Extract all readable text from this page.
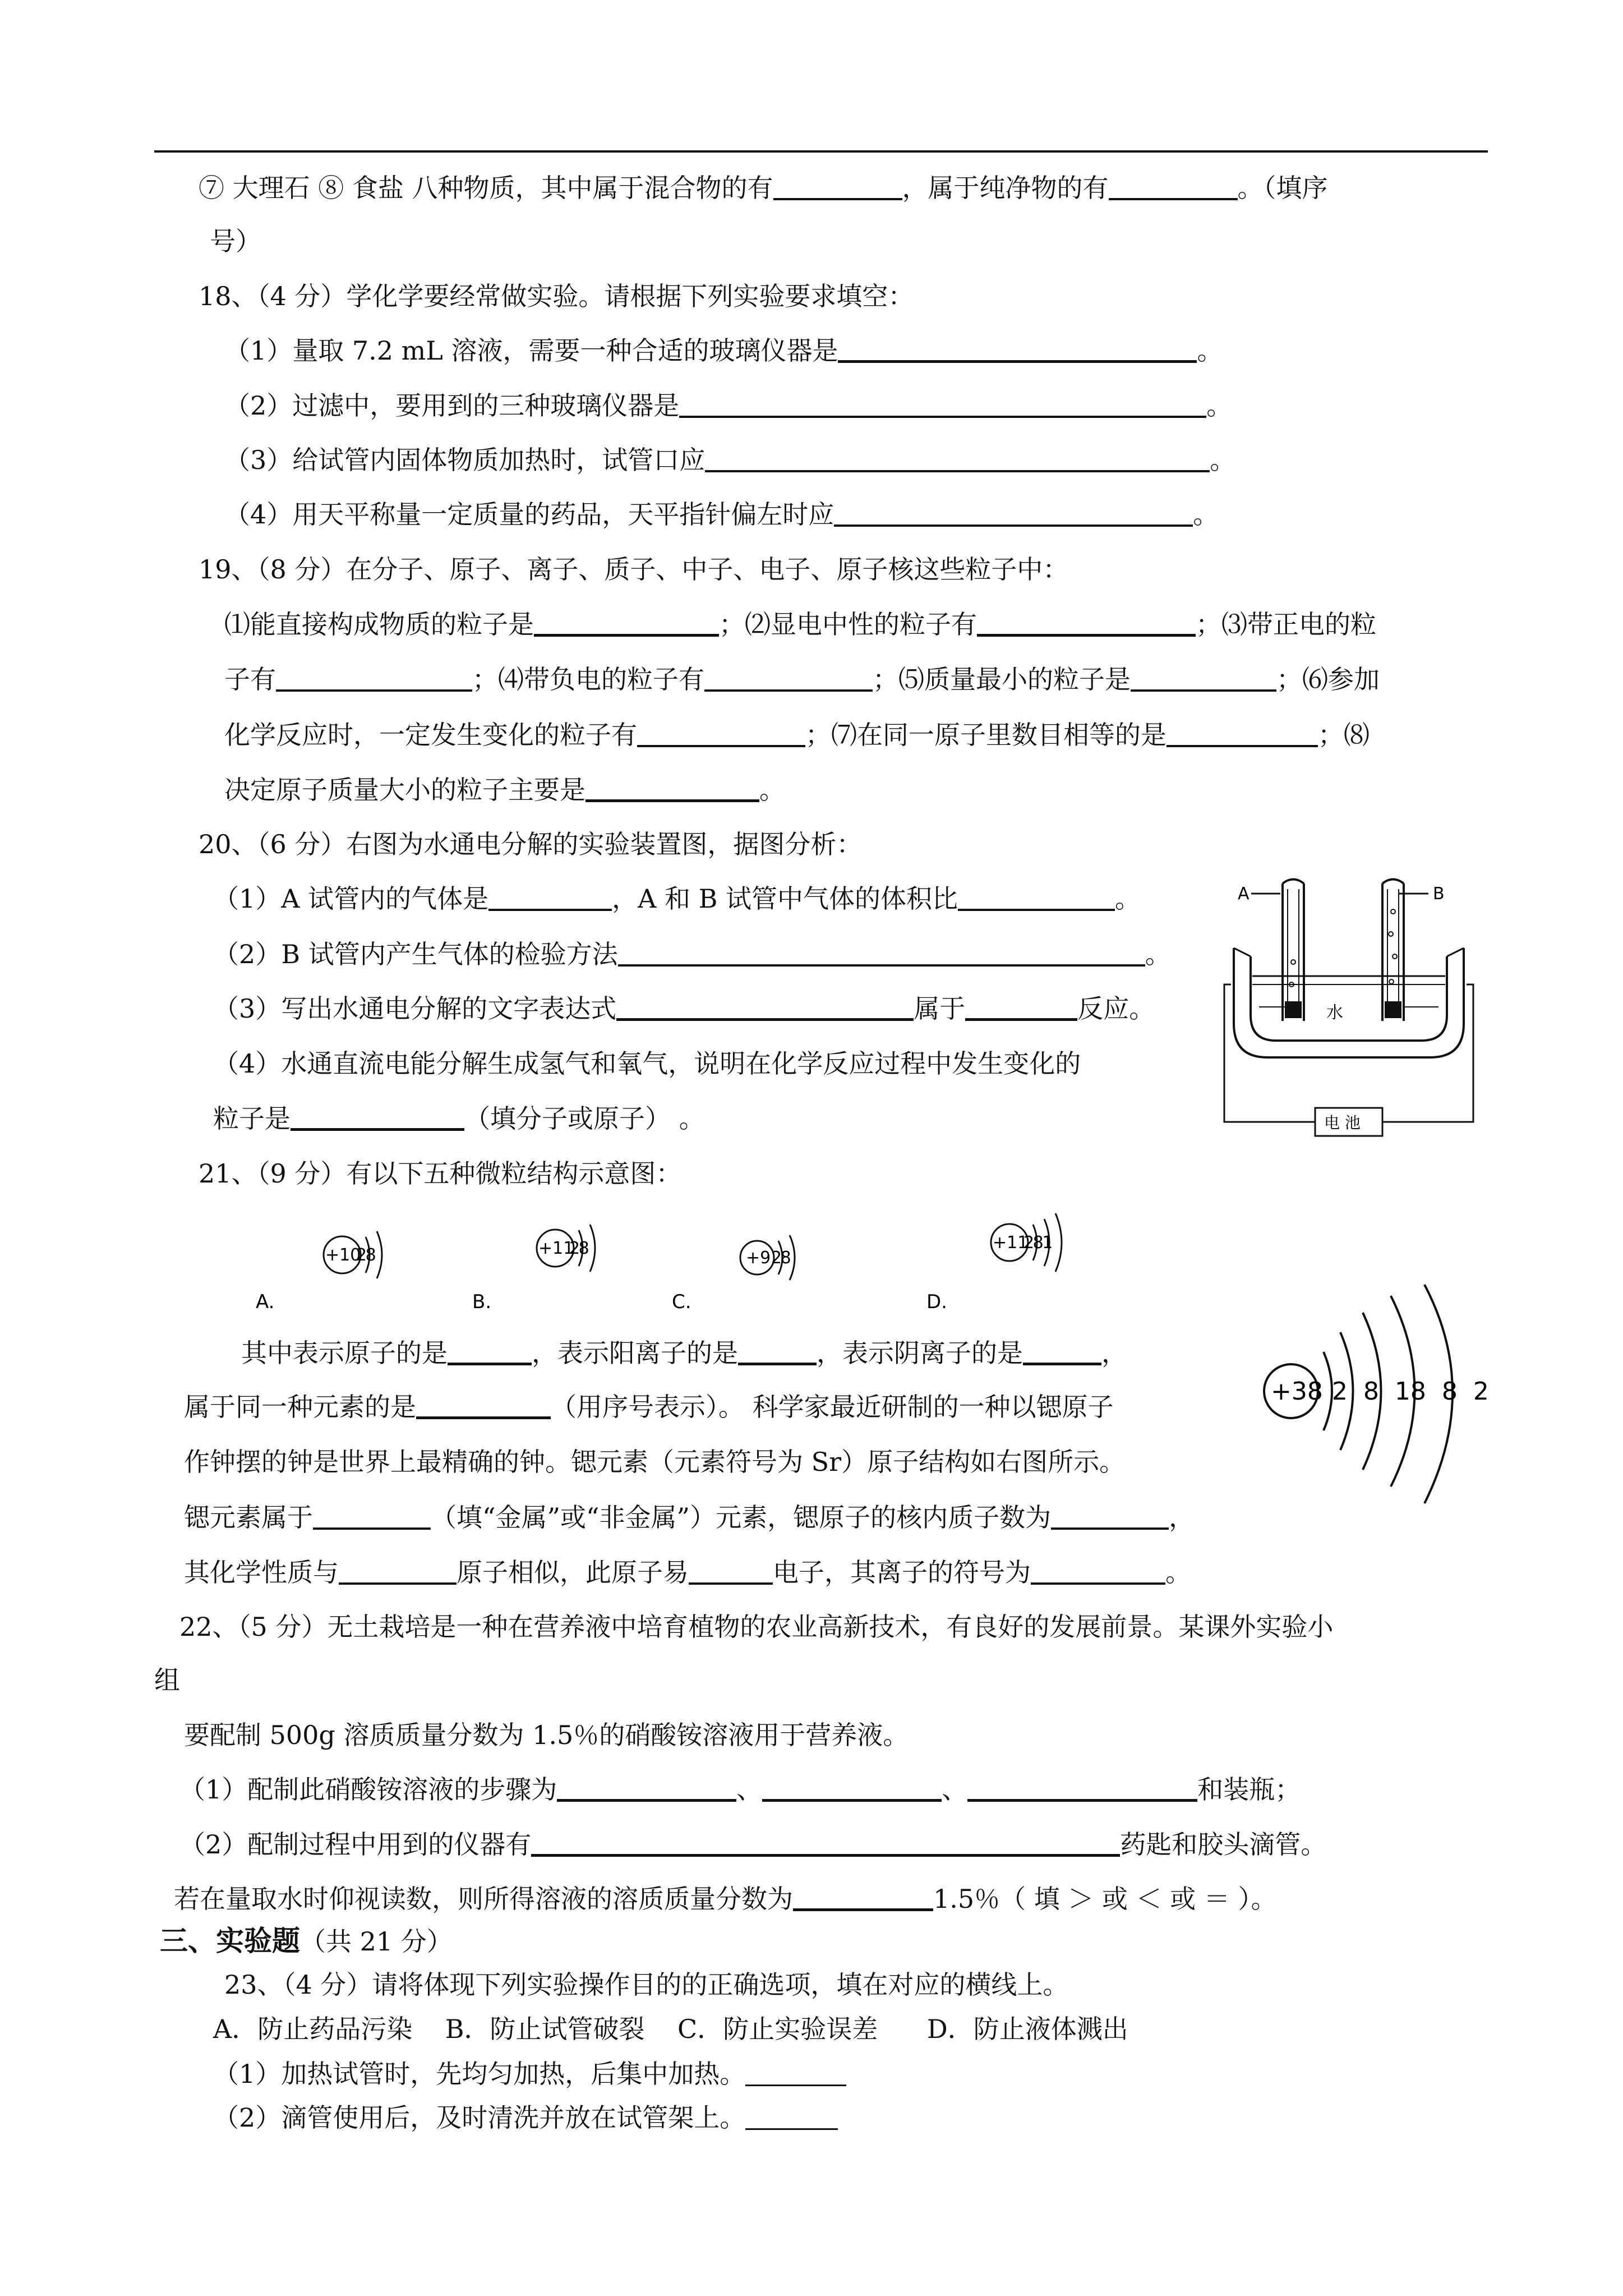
⑦ 大理石 ⑧ 食盐 八种物质，其中属于混合物的有	，属于纯净物的有	。（填序
号）
18、（4 分）学化学要经常做实验。请根据下列实验要求填空：
（1）量取 7.2 mL 溶液，需要一种合适的玻璃仪器是	。
（2）过滤中，要用到的三种玻璃仪器是	。
（3）给试管内固体物质加热时，试管口应	。
（4）用天平称量一定质量的药品，天平指针偏左时应	。
19、（8 分）在分子、原子、离子、质子、中子、电子、原子核这些粒子中：
⑴能直接构成物质的粒子是	；⑵显电中性的粒子有	；⑶带正电的粒
子有	；⑷带负电的粒子有	；⑸质量最小的粒子是	；⑹参加
化学反应时，一定发生变化的粒子有	；⑺在同一原子里数目相等的是	；⑻
决定原子质量大小的粒子主要是	。
20、（6 分）右图为水通电分解的实验装置图，据图分析：
（1）A 试管内的气体是	，A 和 B 试管中气体的体积比	。
（2）B 试管内产生气体的检验方法	。
（3）写出水通电分解的文字表达式	属于	反应。
（4）水通直流电能分解生成氢气和氧气，说明在化学反应过程中发生变化的
粒子是	（填分子或原子） 。
A	B
水
电 池
21、（9 分）有以下五种微粒结构示意图：
+10
2 8
A.
+11
2 8
B.
+9 2 8
C.
+11
2 8 1
D.
+38 2  8  18  8  2
其中表示原子的是	，表示阳离子的是	，表示阴离子的是	，
属于同一种元素的是	（用序号表示）。 科学家最近研制的一种以锶原子
作钟摆的钟是世界上最精确的钟。锶元素（元素符号为 Sr）原子结构如右图所示。
锶元素属于	（填“金属”或“非金属”）元素，锶原子的核内质子数为	，
其化学性质与	原子相似，此原子易	电子，其离子的符号为	。
22、（5 分）无土栽培是一种在营养液中培育植物的农业高新技术，有良好的发展前景。某课外实验小
组
要配制 500g 溶质质量分数为 1.5％的硝酸铵溶液用于营养液。
（1）配制此硝酸铵溶液的步骤为	、	、	和装瓶；
（2）配制过程中用到的仪器有	药匙和胶头滴管。
若在量取水时仰视读数，则所得溶液的溶质质量分数为	1.5％（ 填 ＞ 或 ＜ 或 ＝ ）。
三、实验题（共 21 分）
23、（4 分）请将体现下列实验操作目的的正确选项，填在对应的横线上。
A．防止药品污染    B．防止试管破裂    C．防止实验误差      D．防止液体溅出
（1）加热试管时，先均匀加热，后集中加热。
（2）滴管使用后，及时清洗并放在试管架上。
